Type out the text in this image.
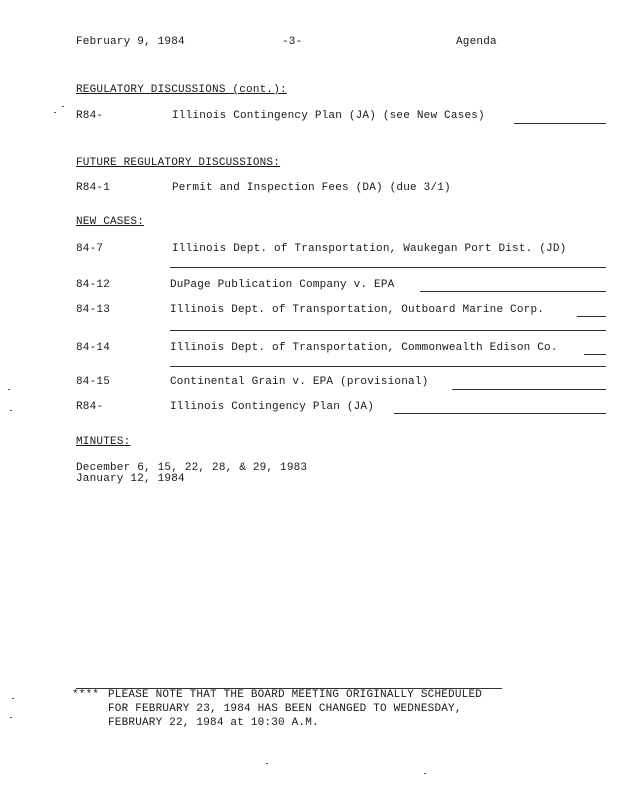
February 9, 1984	-3-	Agenda
REGULATORY DISCUSSIONS (cont.):
R84-	Illinois Contingency Plan (JA) (see New Cases)
FUTURE REGULATORY DISCUSSIONS:
R84-1	Permit and Inspection Fees (DA) (due 3/1)
NEW CASES:
84-7	Illinois Dept. of Transportation, Waukegan Port Dist. (JD)
84-12	DuPage Publication Company v. EPA
84-13	Illinois Dept. of Transportation, Outboard Marine Corp.
84-14	Illinois Dept. of Transportation, Commonwealth Edison Co.
84-15	Continental Grain v. EPA (provisional)
R84-	Illinois Contingency Plan (JA)
MINUTES:
December 6, 15, 22, 28, & 29, 1983
January 12, 1984
**** PLEASE NOTE THAT THE BOARD MEETING ORIGINALLY SCHEDULED
FOR FEBRUARY 23, 1984 HAS BEEN CHANGED TO WEDNESDAY,
FEBRUARY 22, 1984 at 10:30 A.M.
